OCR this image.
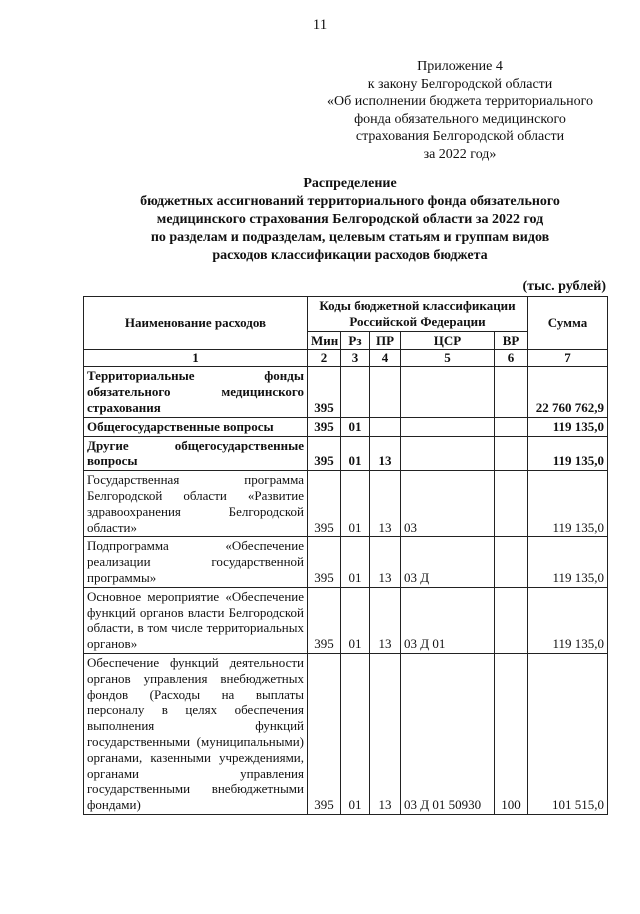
11
Приложение 4
к закону Белгородской области
«Об исполнении бюджета территориального
фонда обязательного медицинского
страхования Белгородской области
за 2022 год»
Распределение
бюджетных ассигнований территориального фонда обязательного
медицинского страхования Белгородской области за 2022 год
по разделам и подразделам, целевым статьям и группам видов
расходов классификации расходов бюджета
(тыс. рублей)
Наименование расходов	Коды бюджетной классификации Российской Федерации					Сумма
	Мин	Рз	ПР	ЦСР	ВР	
1	2	3	4	5	6	7
Территориальные фонды обязательного медицинского страхования	395					22 760 762,9
Общегосударственные вопросы	395	01				119 135,0
Другие общегосударственные вопросы	395	01	13			119 135,0
Государственная программа Белгородской области «Развитие здравоохранения Белгородской области»	395	01	13	03		119 135,0
Подпрограмма «Обеспечение реализации государственной программы»	395	01	13	03 Д		119 135,0
Основное мероприятие «Обеспечение функций органов власти Белгородской области, в том числе территориальных органов»	395	01	13	03 Д 01		119 135,0
Обеспечение функций деятельности органов управления внебюджетных фондов (Расходы на выплаты персоналу в целях обеспечения выполнения функций государственными (муниципальными) органами, казенными учреждениями, органами управления государственными внебюджетными фондами)	395	01	13	03 Д 01 50930	100	101 515,0
